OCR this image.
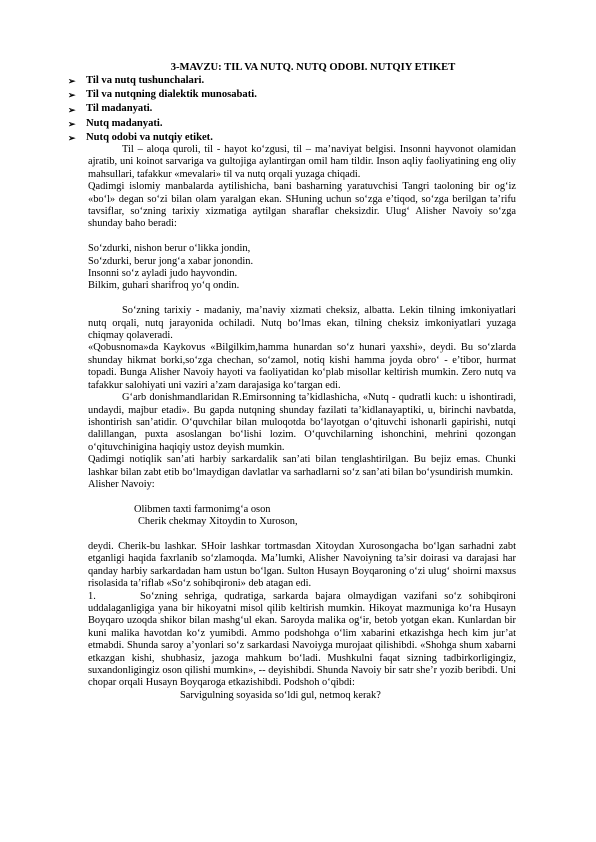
3-MAVZU: TIL VA NUTQ. NUTQ ODOBI. NUTQIY ETIKET
➢ Til va nutq tushunchalari.
➢ Til va nutqning dialektik munosabati.
➢ Til madanyati.
➢ Nutq madanyati.
➢ Nutq odobi va nutqiy etiket.

Til – aloqa quroli, til - hayot ko‘zgusi, til – ma’naviyat belgisi. Insonni hayvonot olamidan ajratib, uni koinot sarvariga va gultojiga aylantirgan omil ham tildir. Inson aqliy faoliyatining eng oliy mahsullari, tafakkur «mevalari» til va nutq orqali yuzaga chiqadi.

Qadimgi islomiy manbalarda aytilishicha, bani basharning yaratuvchisi Tangri taoloning bir og‘iz «bo‘l» degan so‘zi bilan olam yaralgan ekan. SHuning uchun so‘zga e’tiqod, so‘zga berilgan ta’rifu tavsiflar, so‘zning tarixiy xizmatiga aytilgan sharaflar cheksizdir. Ulug‘ Alisher Navoiy so‘zga shunday baho beradi:

So‘zdurki, nishon berur o‘likka jondin,
So‘zdurki, berur jong‘a xabar jonondin.
Insonni so‘z ayladi judo hayvondin.
Bilkim, guhari sharifroq yo‘q ondin.

So‘zning tarixiy - madaniy, ma’naviy xizmati cheksiz, albatta. Lekin tilning imkoniyatlari nutq orqali, nutq jarayonida ochiladi. Nutq bo‘lmas ekan, tilning cheksiz imkoniyatlari yuzaga chiqmay qolaveradi.

«Qobusnoma»da Kaykovus «Bilgilkim,hamma hunardan so‘z hunari yaxshi», deydi. Bu so‘zlarda shunday hikmat borki,so‘zga chechan, so‘zamol, notiq kishi hamma joyda obro‘ - e’tibor, hurmat topadi. Bunga Alisher Navoiy hayoti va faoliyatidan ko‘plab misollar keltirish mumkin. Zero nutq va tafakkur salohiyati uni vaziri a’zam darajasiga ko‘targan edi.

G‘arb donishmandlaridan R.Emirsonning ta’kidlashicha, «Nutq - qudratli kuch: u ishontiradi, undaydi, majbur etadi». Bu gapda nutqning shunday fazilati ta’kidlanayaptiki, u, birinchi navbatda, ishontirish san’atidir. O‘quvchilar bilan muloqotda bo‘layotgan o‘qituvchi ishonarli gapirishi, nutqi dalillangan, puxta asoslangan bo‘lishi lozim. O‘quvchilarning ishonchini, mehrini qozongan o‘qituvchinigina haqiqiy ustoz deyish mumkin.

Qadimgi notiqlik san’ati harbiy sarkardalik san’ati bilan tenglashtirilgan. Bu bejiz emas. Chunki lashkar bilan zabt etib bo‘lmaydigan davlatlar va sarhadlarni so‘z san’ati bilan bo‘ysundirish mumkin.

Alisher Navoiy:

Olibmen taxti farmonimg‘a oson
Cherik chekmay Xitoydin to Xuroson,

deydi. Cherik-bu lashkar. SHoir lashkar tortmasdan Xitoydan Xurosongacha bo‘lgan sarhadni zabt etganligi haqida faxrlanib so‘zlamoqda. Ma’lumki, Alisher Navoiyning ta’sir doirasi va darajasi har qanday harbiy sarkardadan ham ustun bo‘lgan. Sulton Husayn Boyqaroning o‘zi ulug‘ shoirni maxsus risolasida ta’riflab «So‘z sohibqironi» deb atagan edi.

1.	So‘zning sehriga, qudratiga, sarkarda bajara olmaydigan vazifani so‘z sohibqironi uddalaganligiga yana bir hikoyatni misol qilib keltirish mumkin. Hikoyat mazmuniga ko‘ra Husayn Boyqaro uzoqda shikor bilan mashg‘ul ekan. Saroyda malika og‘ir, betob yotgan ekan. Kunlardan bir kuni malika havotdan ko‘z yumibdi. Ammo podshohga o‘lim xabarini etkazishga hech kim jur’at etmabdi. Shunda saroy a’yonlari so‘z sarkardasi Navoiyga murojaat qilishibdi. «Shohga shum xabarni etkazgan kishi, shubhasiz, jazoga mahkum bo‘ladi. Mushkulni faqat sizning tadbirkorligingiz, suxandonligingiz oson qilishi mumkin», -- deyishibdi. Shunda Navoiy bir satr she’r yozib beribdi. Uni chopar orqali Husayn Boyqaroga etkazishibdi. Podshoh o‘qibdi:

Sarvigulning soyasida so‘ldi gul, netmoq kerak?
